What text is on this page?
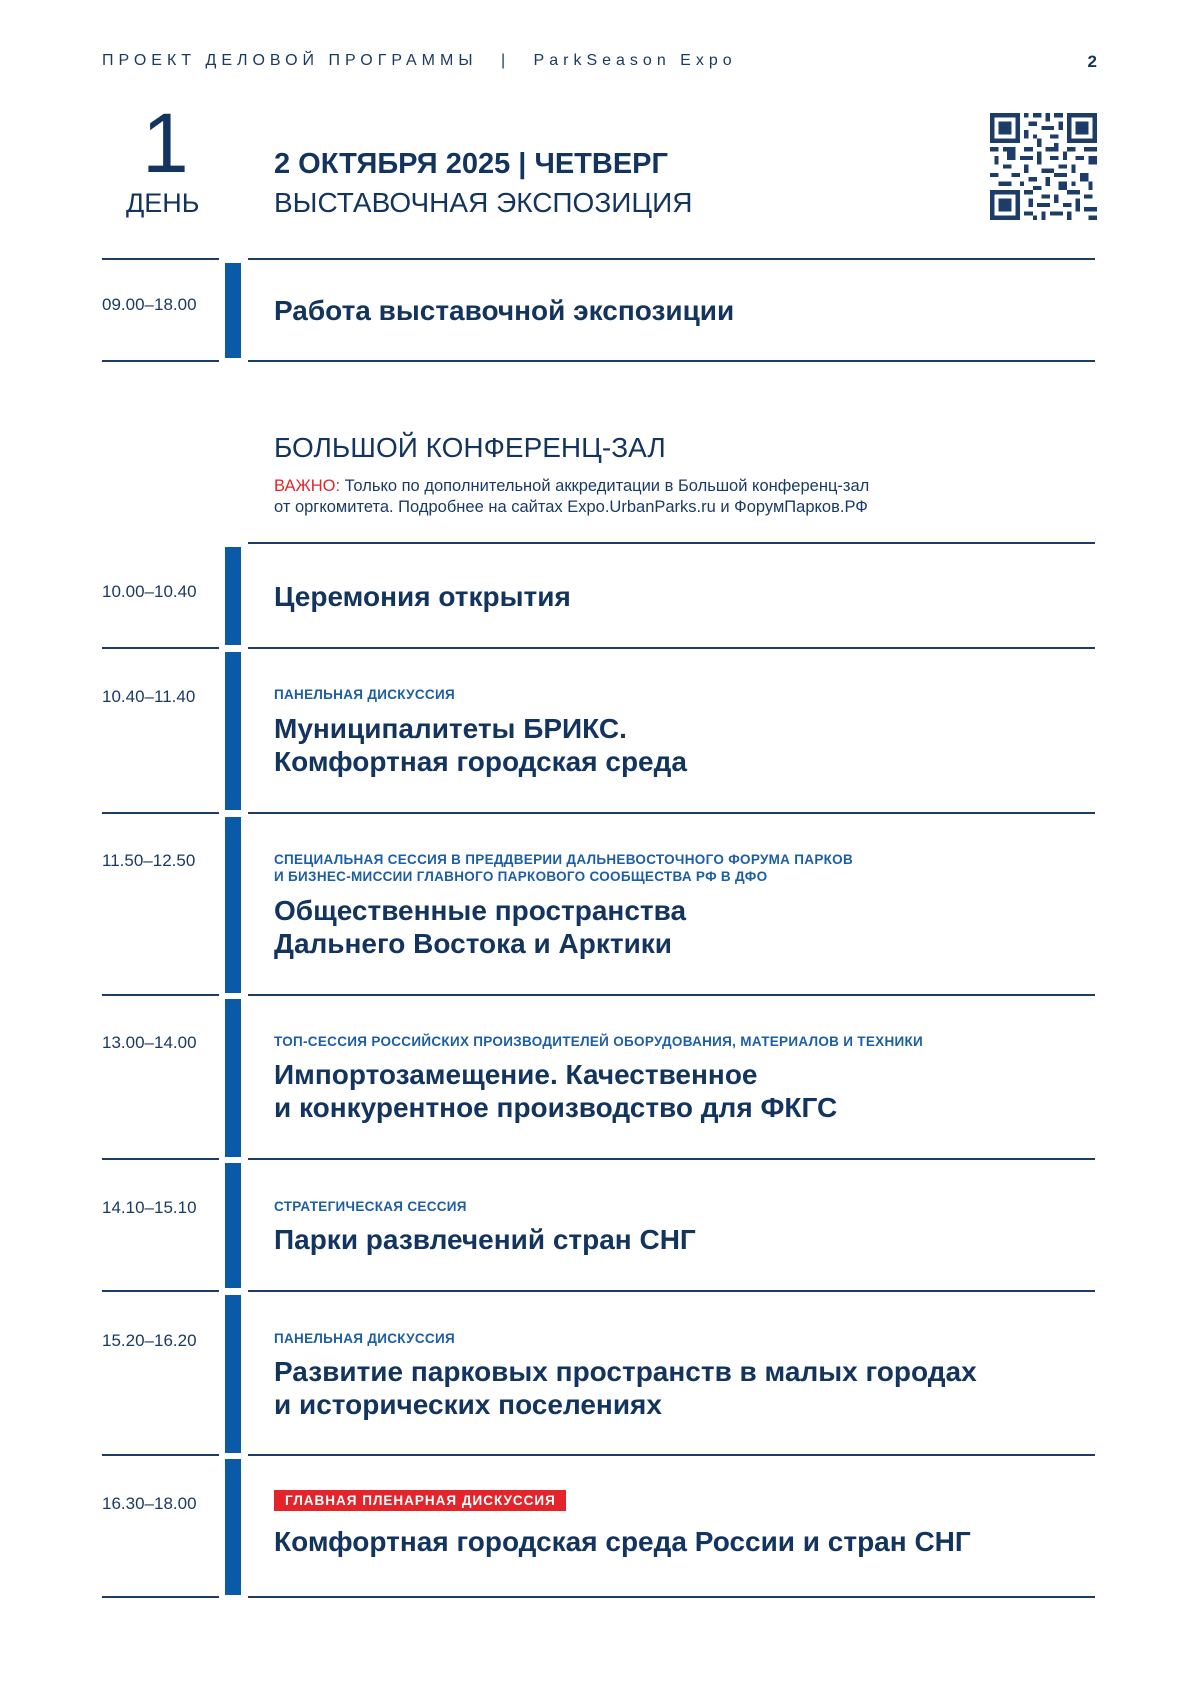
ПРОЕКТ ДЕЛОВОЙ ПРОГРАММЫ | ParkSeason Expo	2
1
ДЕНЬ
2 ОКТЯБРЯ 2025 | ЧЕТВЕРГ
ВЫСТАВОЧНАЯ ЭКСПОЗИЦИЯ
09.00–18.00	Работа выставочной экспозиции
БОЛЬШОЙ КОНФЕРЕНЦ-ЗАЛ
ВАЖНО: Только по дополнительной аккредитации в Большой конференц-зал
от оргкомитета. Подробнее на сайтах Expo.UrbanParks.ru и ФорумПарков.РФ
10.00–10.40	Церемония открытия
10.40–11.40	ПАНЕЛЬНАЯ ДИСКУССИЯ
Муниципалитеты БРИКС.
Комфортная городская среда
11.50–12.50	СПЕЦИАЛЬНАЯ СЕССИЯ В ПРЕДДВЕРИИ ДАЛЬНЕВОСТОЧНОГО ФОРУМА ПАРКОВ
И БИЗНЕС-МИССИИ ГЛАВНОГО ПАРКОВОГО СООБЩЕСТВА РФ В ДФО
Общественные пространства
Дальнего Востока и Арктики
13.00–14.00	ТОП-СЕССИЯ РОССИЙСКИХ ПРОИЗВОДИТЕЛЕЙ ОБОРУДОВАНИЯ, МАТЕРИАЛОВ И ТЕХНИКИ
Импортозамещение. Качественное
и конкурентное производство для ФКГС
14.10–15.10	СТРАТЕГИЧЕСКАЯ СЕССИЯ
Парки развлечений стран СНГ
15.20–16.20	ПАНЕЛЬНАЯ ДИСКУССИЯ
Развитие парковых пространств в малых городах
и исторических поселениях
16.30–18.00	ГЛАВНАЯ ПЛЕНАРНАЯ ДИСКУССИЯ
Комфортная городская среда России и стран СНГ
